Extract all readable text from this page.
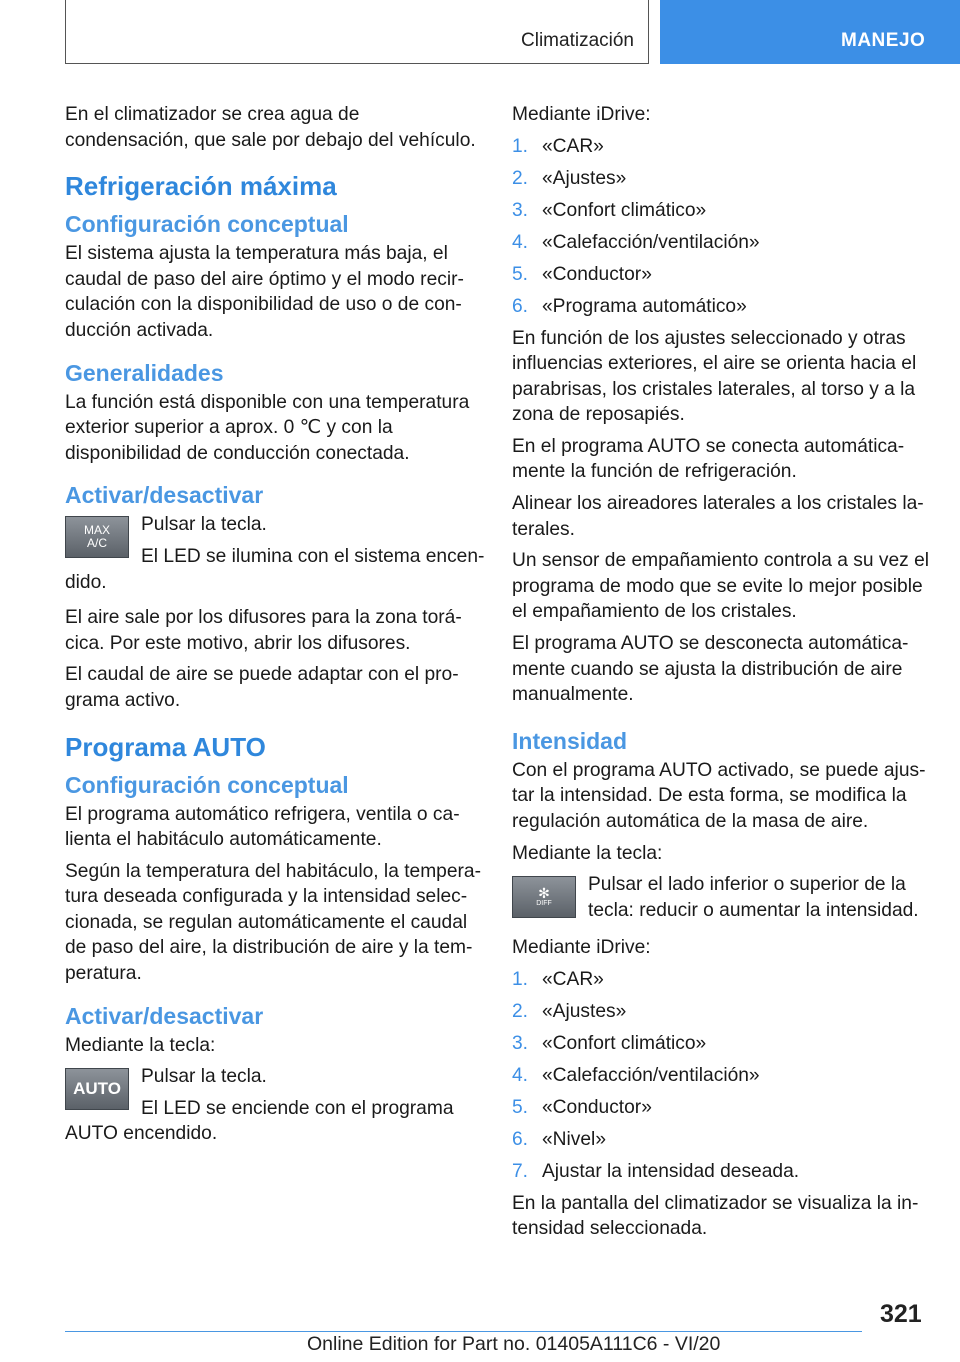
Climatización	MANEJO

En el climatizador se crea agua de condensación, que sale por debajo del vehículo.

Refrigeración máxima
Configuración conceptual

El sistema ajusta la temperatura más baja, el caudal de paso del aire óptimo y el modo recirculación con la disponibilidad de uso o de conducción activada.

Generalidades

La función está disponible con una temperatura exterior superior a aprox. 0 ℃ y con la disponibilidad de conducción conectada.

Activar/desactivar
MAX
A/C

Pulsar la tecla.

El LED se ilumina con el sistema encendido.

El aire sale por los difusores para la zona torácica. Por este motivo, abrir los difusores.

El caudal de aire se puede adaptar con el programa activo.

Programa AUTO
Configuración conceptual

El programa automático refrigera, ventila o calienta el habitáculo automáticamente.

Según la temperatura del habitáculo, la temperatura deseada configurada y la intensidad seleccionada, se regulan automáticamente el caudal de paso del aire, la distribución de aire y la temperatura.

Activar/desactivar

Mediante la tecla:

AUTO

Pulsar la tecla.

El LED se enciende con el programa AUTO encendido.

Mediante iDrive:

1. «CAR»
2. «Ajustes»
3. «Confort climático»
4. «Calefacción/ventilación»
5. «Conductor»
6. «Programa automático»

En función de los ajustes seleccionado y otras influencias exteriores, el aire se orienta hacia el parabrisas, los cristales laterales, al torso y a la zona de reposapiés.

En el programa AUTO se conecta automáticamente la función de refrigeración.

Alinear los aireadores laterales a los cristales laterales.

Un sensor de empañamiento controla a su vez el programa de modo que se evite lo mejor posible el empañamiento de los cristales.

El programa AUTO se desconecta automáticamente cuando se ajusta la distribución de aire manualmente.

Intensidad

Con el programa AUTO activado, se puede ajustar la intensidad. De esta forma, se modifica la regulación automática de la masa de aire.

Mediante la tecla:

✻
DIFF

Pulsar el lado inferior o superior de la tecla: reducir o aumentar la intensidad.

Mediante iDrive:

1. «CAR»
2. «Ajustes»
3. «Confort climático»
4. «Calefacción/ventilación»
5. «Conductor»
6. «Nivel»
7. Ajustar la intensidad deseada.

En la pantalla del climatizador se visualiza la intensidad seleccionada.

321
Online Edition for Part no. 01405A111C6 - VI/20
